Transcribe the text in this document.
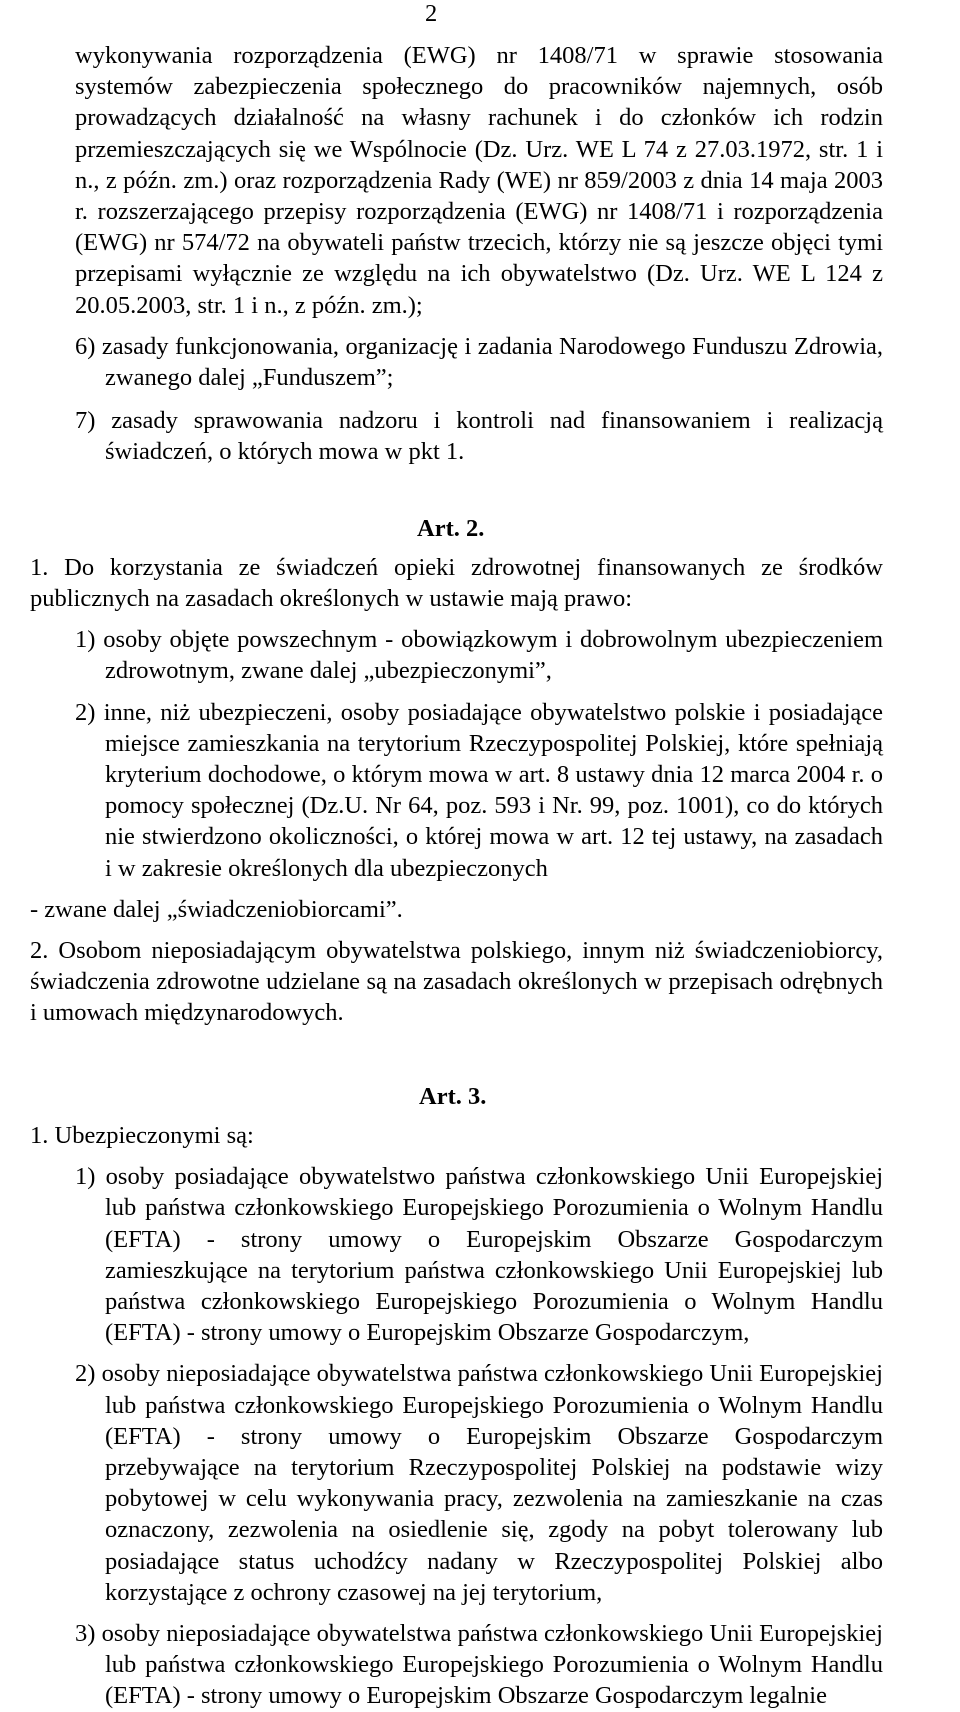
2

wykonywania rozporządzenia (EWG) nr 1408/71 w sprawie stosowania systemów zabezpieczenia społecznego do pracowników najemnych, osób prowadzących działalność na własny rachunek i do członków ich rodzin przemieszczających się we Wspólnocie (Dz. Urz. WE L 74 z 27.03.1972, str. 1 i n., z późn. zm.) oraz rozporządzenia Rady (WE) nr 859/2003 z dnia 14 maja 2003 r. rozszerzającego przepisy rozporządzenia (EWG) nr 1408/71 i rozporządzenia (EWG) nr 574/72 na obywateli państw trzecich, którzy nie są jeszcze objęci tymi przepisami wyłącznie ze względu na ich obywatelstwo (Dz. Urz. WE L 124 z 20.05.2003, str. 1 i n., z późn. zm.);

6) zasady funkcjonowania, organizację i zadania Narodowego Funduszu Zdrowia, zwanego dalej „Funduszem”;

7) zasady sprawowania nadzoru i kontroli nad finansowaniem i realizacją świadczeń, o których mowa w pkt 1.

Art. 2.

1. Do korzystania ze świadczeń opieki zdrowotnej finansowanych ze środków publicznych na zasadach określonych w ustawie mają prawo:

1) osoby objęte powszechnym - obowiązkowym i dobrowolnym ubezpieczeniem zdrowotnym, zwane dalej „ubezpieczonymi”,

2) inne, niż ubezpieczeni, osoby posiadające obywatelstwo polskie i posiadające miejsce zamieszkania na terytorium Rzeczypospolitej Polskiej, które spełniają kryterium dochodowe, o którym mowa w art. 8 ustawy dnia 12 marca 2004 r. o pomocy społecznej (Dz.U. Nr 64, poz. 593 i Nr. 99, poz. 1001), co do których nie stwierdzono okoliczności, o której mowa w art. 12 tej ustawy, na zasadach i w zakresie określonych dla ubezpieczonych

- zwane dalej „świadczeniobiorcami”.

2. Osobom nieposiadającym obywatelstwa polskiego, innym niż świadczeniobiorcy, świadczenia zdrowotne udzielane są na zasadach określonych w przepisach odrębnych i umowach międzynarodowych.

Art. 3.

1. Ubezpieczonymi są:

1) osoby posiadające obywatelstwo państwa członkowskiego Unii Europejskiej lub państwa członkowskiego Europejskiego Porozumienia o Wolnym Handlu (EFTA) - strony umowy o Europejskim Obszarze Gospodarczym zamieszkujące na terytorium państwa członkowskiego Unii Europejskiej lub państwa członkowskiego Europejskiego Porozumienia o Wolnym Handlu (EFTA) - strony umowy o Europejskim Obszarze Gospodarczym,

2) osoby nieposiadające obywatelstwa państwa członkowskiego Unii Europejskiej lub państwa członkowskiego Europejskiego Porozumienia o Wolnym Handlu (EFTA) - strony umowy o Europejskim Obszarze Gospodarczym przebywające na terytorium Rzeczypospolitej Polskiej na podstawie wizy pobytowej w celu wykonywania pracy, zezwolenia na zamieszkanie na czas oznaczony, zezwolenia na osiedlenie się, zgody na pobyt tolerowany lub posiadające status uchodźcy nadany w Rzeczypospolitej Polskiej albo korzystające z ochrony czasowej na jej terytorium,

3) osoby nieposiadające obywatelstwa państwa członkowskiego Unii Europejskiej lub państwa członkowskiego Europejskiego Porozumienia o Wolnym Handlu (EFTA) - strony umowy o Europejskim Obszarze Gospodarczym legalnie
